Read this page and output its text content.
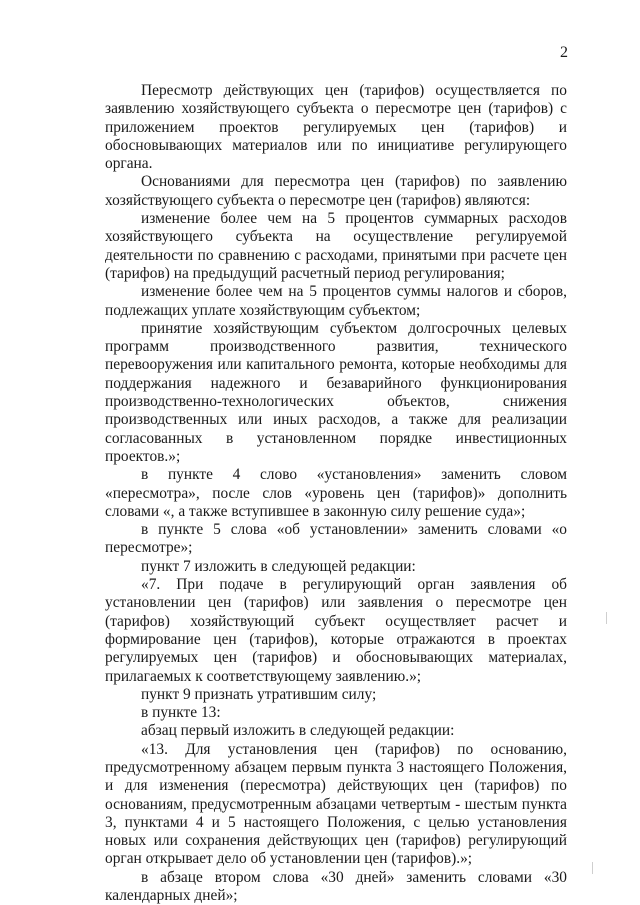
2

Пересмотр действующих цен (тарифов) осуществляется по заявлению хозяйствующего субъекта о пересмотре цен (тарифов) с приложением проектов регулируемых цен (тарифов) и обосновывающих материалов или по инициативе регулирующего органа.

Основаниями для пересмотра цен (тарифов) по заявлению хозяйствующего субъекта о пересмотре цен (тарифов) являются:

изменение более чем на 5 процентов суммарных расходов хозяйствующего субъекта на осуществление регулируемой деятельности по сравнению с расходами, принятыми при расчете цен (тарифов) на предыдущий расчетный период регулирования;

изменение более чем на 5 процентов суммы налогов и сборов, подлежащих уплате хозяйствующим субъектом;

принятие хозяйствующим субъектом долгосрочных целевых программ производственного развития, технического перевооружения или капитального ремонта, которые необходимы для поддержания надежного и безаварийного функционирования производственно-технологических объектов, снижения производственных или иных расходов, а также для реализации согласованных в установленном порядке инвестиционных проектов.»;

в пункте 4 слово «установления» заменить словом «пересмотра», после слов «уровень цен (тарифов)» дополнить словами «, а также вступившее в законную силу решение суда»;

в пункте 5 слова «об установлении» заменить словами «о пересмотре»;

пункт 7 изложить в следующей редакции:

«7. При подаче в регулирующий орган заявления об установлении цен (тарифов) или заявления о пересмотре цен (тарифов) хозяйствующий субъект осуществляет расчет и формирование цен (тарифов), которые отражаются в проектах регулируемых цен (тарифов) и обосновывающих материалах, прилагаемых к соответствующему заявлению.»;

пункт 9 признать утратившим силу;

в пункте 13:

абзац первый изложить в следующей редакции:

«13. Для установления цен (тарифов) по основанию, предусмотренному абзацем первым пункта 3 настоящего Положения, и для изменения (пересмотра) действующих цен (тарифов) по основаниям, предусмотренным абзацами четвертым - шестым пункта 3, пунктами 4 и 5 настоящего Положения, с целью установления новых или сохранения действующих цен (тарифов) регулирующий орган открывает дело об установлении цен (тарифов).»;

в абзаце втором слова «30 дней» заменить словами «30 календарных дней»;
